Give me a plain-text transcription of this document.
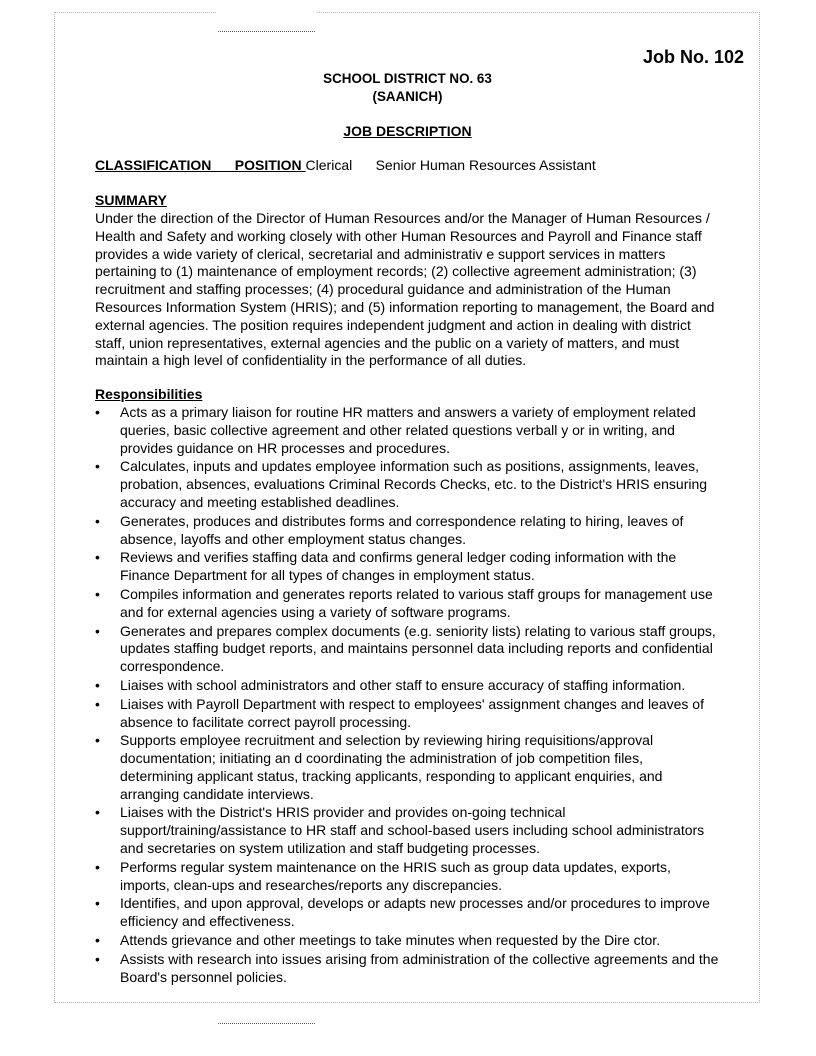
Job No. 102
SCHOOL DISTRICT NO. 63
(SAANICH)
JOB DESCRIPTION
CLASSIFICATION POSITION Clerical Senior Human Resources Assistant
SUMMARY
Under the direction of the Director of Human Resources and/or the Manager of Human Resources / Health and Safety and working closely with other Human Resources and Payroll and Finance staff provides a wide variety of clerical, secretarial and administrativ e support services in matters pertaining to (1) maintenance of employment records; (2) collective agreement administration; (3) recruitment and staffing processes; (4) procedural guidance and administration of the Human Resources Information System (HRIS); and (5) information reporting to management, the Board and external agencies. The position requires independent judgment and action in dealing with district staff, union representatives, external agencies and the public on a variety of matters, and must maintain a high level of confidentiality in the performance of all duties.
Responsibilities
• Acts as a primary liaison for routine HR matters and answers a variety of employment related queries, basic collective agreement and other related questions verball y or in writing, and provides guidance on HR processes and procedures.
• Calculates, inputs and updates employee information such as positions, assignments, leaves, probation, absences, evaluations Criminal Records Checks, etc. to the District's HRIS ensuring accuracy and meeting established deadlines.
• Generates, produces and distributes forms and correspondence relating to hiring, leaves of absence, layoffs and other employment status changes.
• Reviews and verifies staffing data and confirms general ledger coding information with the Finance Department for all types of changes in employment status.
• Compiles information and generates reports related to various staff groups for management use and for external agencies using a variety of software programs.
• Generates and prepares complex documents (e.g. seniority lists) relating to various staff groups, updates staffing budget reports, and maintains personnel data including reports and confidential correspondence.
• Liaises with school administrators and other staff to ensure accuracy of staffing information.
• Liaises with Payroll Department with respect to employees' assignment changes and leaves of absence to facilitate correct payroll processing.
• Supports employee recruitment and selection by reviewing hiring requisitions/approval documentation; initiating an d coordinating the administration of job competition files, determining applicant status, tracking applicants, responding to applicant enquiries, and arranging candidate interviews.
• Liaises with the District's HRIS provider and provides on-going technical support/training/assistance to HR staff and school-based users including school administrators and secretaries on system utilization and staff budgeting processes.
• Performs regular system maintenance on the HRIS such as group data updates, exports, imports, clean-ups and researches/reports any discrepancies.
• Identifies, and upon approval, develops or adapts new processes and/or procedures to improve efficiency and effectiveness.
• Attends grievance and other meetings to take minutes when requested by the Dire ctor.
• Assists with research into issues arising from administration of the collective agreements and the Board's personnel policies.
